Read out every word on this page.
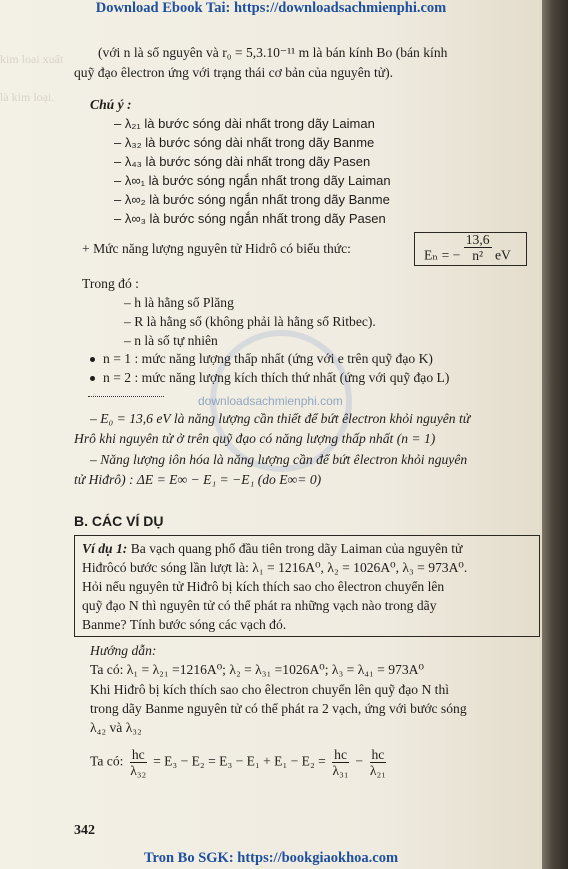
downloadsachmienphi.com
kim loai xuất
là kim loại.
Download Ebook Tai: https://downloadsachmienphi.com
(với n là số nguyên và r₀ = 5,3.10⁻¹¹ m là bán kính Bo (bán kính
quỹ đạo êlectron ứng với trạng thái cơ bản của nguyên tử).
Chú ý :
– λ₂₁ là bước sóng dài nhất trong dãy Laiman
– λ₃₂ là bước sóng dài nhất trong dãy Banme
– λ₄₃ là bước sóng dài nhất trong dãy Pasen
– λ∞₁ là bước sóng ngắn nhất trong dãy Laiman
– λ∞₂ là bước sóng ngắn nhất trong dãy Banme
– λ∞₃ là bước sóng ngắn nhất trong dãy Pasen
+ Mức năng lượng nguyên tử Hidrô có biểu thức:	Eₙ = − $\frac{13,6}{\text{n²}}$ eV
Trong đó :
– h là hằng số Plăng
– R là hằng số (không phải là hằng số Ritbec).
– n là số tự nhiên
n = 1 : mức năng lượng thấp nhất (ứng với e trên quỹ đạo K)
n = 2 : mức năng lượng kích thích thứ nhất (ứng với quỹ đạo L)
– E₀ = 13,6 eV là năng lượng cần thiết để bứt êlectron khỏi nguyên tử
Hrô khi nguyên tử ở trên quỹ đạo có năng lượng thấp nhất (n = 1)
– Năng lượng iôn hóa là năng lượng cần để bứt êlectron khỏi nguyên
tử Hiđrô) : ΔE = E∞ − E₁ = −E₁ (do E∞= 0)
B. CÁC VÍ DỤ
Ví dụ 1: Ba vạch quang phổ đầu tiên trong dãy Laiman của nguyên tử
Hiđrôcó bước sóng lần lượt là: λ₁ = 1216A⁰, λ₂ = 1026A⁰, λ₃ = 973A⁰.
Hỏi nếu nguyên tử Hiđrô bị kích thích sao cho êlectron chuyển lên
quỹ đạo N thì nguyên tử có thể phát ra những vạch nào trong dãy
Banme? Tính bước sóng các vạch đó.
Hướng dẫn:
Ta có: λ₁ = λ₂₁ =1216A⁰; λ₂ = λ₃₁ =1026A⁰; λ₃ = λ₄₁ = 973A⁰
Khi Hiđrô bị kích thích sao cho êlectron chuyển lên quỹ đạo N thì
trong dãy Banme nguyên tử có thể phát ra 2 vạch, ứng với bước sóng
λ₄₂ và λ₃₂
Ta có: $\frac{hc}{\text{λ₃₂}} = E_3 - E_2 = E_3 - E_1 + E_1 - E_2 = \frac{hc}{\text{λ₃₁}} - \frac{hc}{\text{λ₂₁}}$
342
Tron Bo SGK: https://bookgiaokhoa.com
